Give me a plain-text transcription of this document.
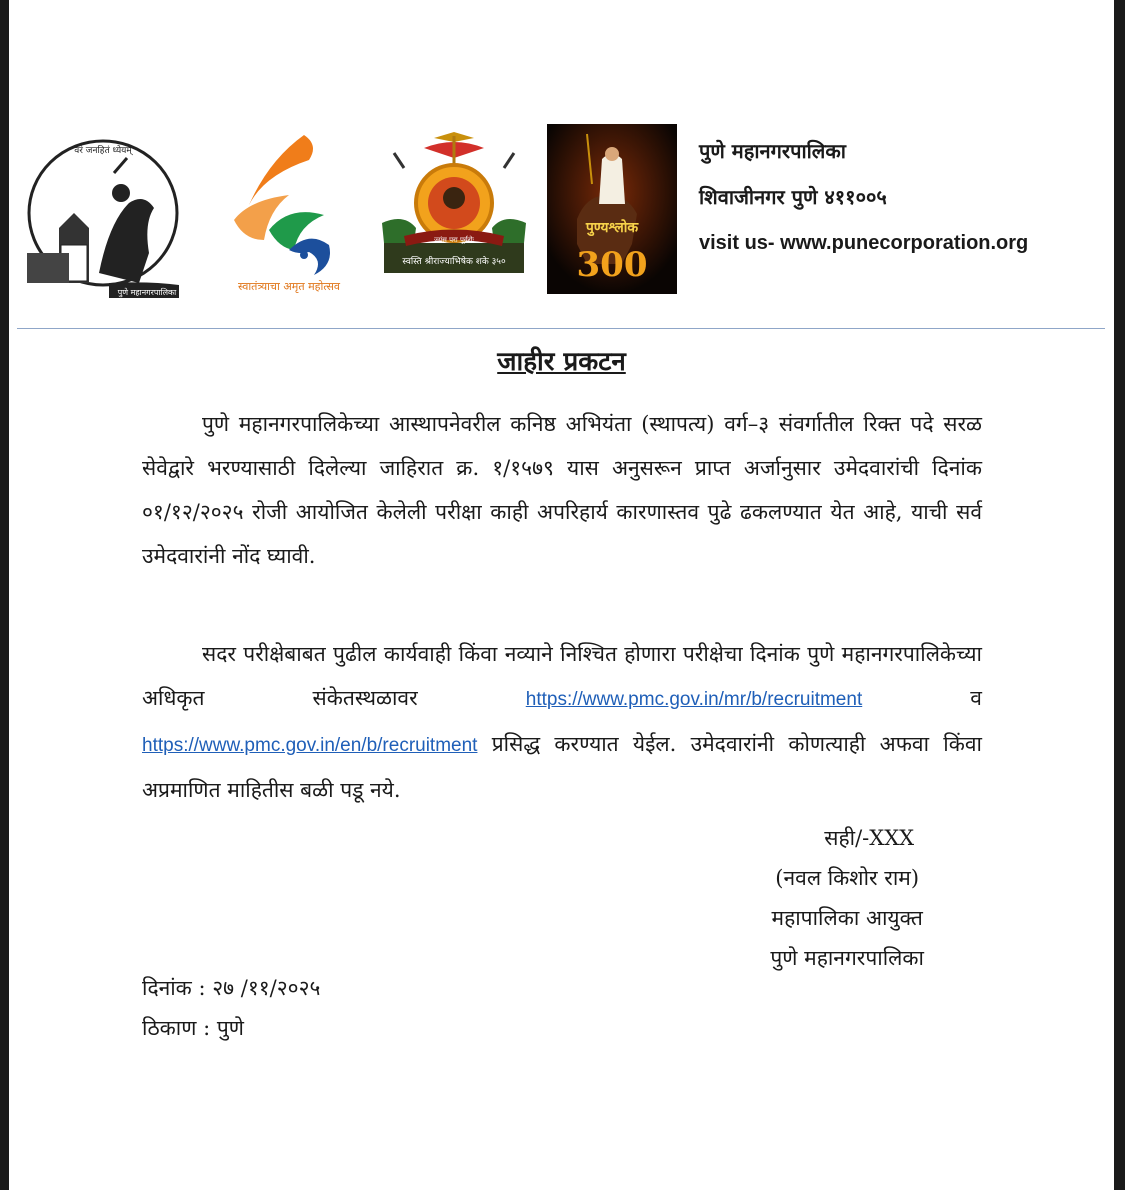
पुणे महानगरपालिका
वरं जनहितं ध्येयम्
स्वातंत्र्याचा अमृत महोत्सव
ज्यंस परा पूर्वरोः
स्वस्ति श्रीराज्याभिषेक शके ३५०
पुण्यश्लोक
300
पुणे महानगरपालिका
शिवाजीनगर पुणे ४११००५
visit us- www.punecorporation.org
जाहीर प्रकटन
पुणे महानगरपालिकेच्या आस्थापनेवरील कनिष्ठ अभियंता (स्थापत्य) वर्ग–३ संवर्गातील रिक्त पदे सरळ सेवेद्वारे भरण्यासाठी दिलेल्या जाहिरात क्र. १/१५७९ यास अनुसरून प्राप्त अर्जानुसार उमेदवारांची दिनांक ०१/१२/२०२५ रोजी आयोजित केलेली परीक्षा काही अपरिहार्य कारणास्तव पुढे ढकलण्यात येत आहे, याची सर्व उमेदवारांनी नोंद घ्यावी.
सदर परीक्षेबाबत पुढील कार्यवाही किंवा नव्याने निश्चित होणारा परीक्षेचा दिनांक पुणे महानगरपालिकेच्या अधिकृत संकेतस्थळावर	https://www.pmc.gov.in/mr/b/recruitment	व https://www.pmc.gov.in/en/b/recruitment प्रसिद्ध करण्यात येईल. उमेदवारांनी कोणत्याही अफवा किंवा अप्रमाणित माहितीस बळी पडू नये.
सही/-XXX
(नवल किशोर राम)
महापालिका आयुक्त
पुणे महानगरपालिका
दिनांक : २७ /११/२०२५
ठिकाण : पुणे
